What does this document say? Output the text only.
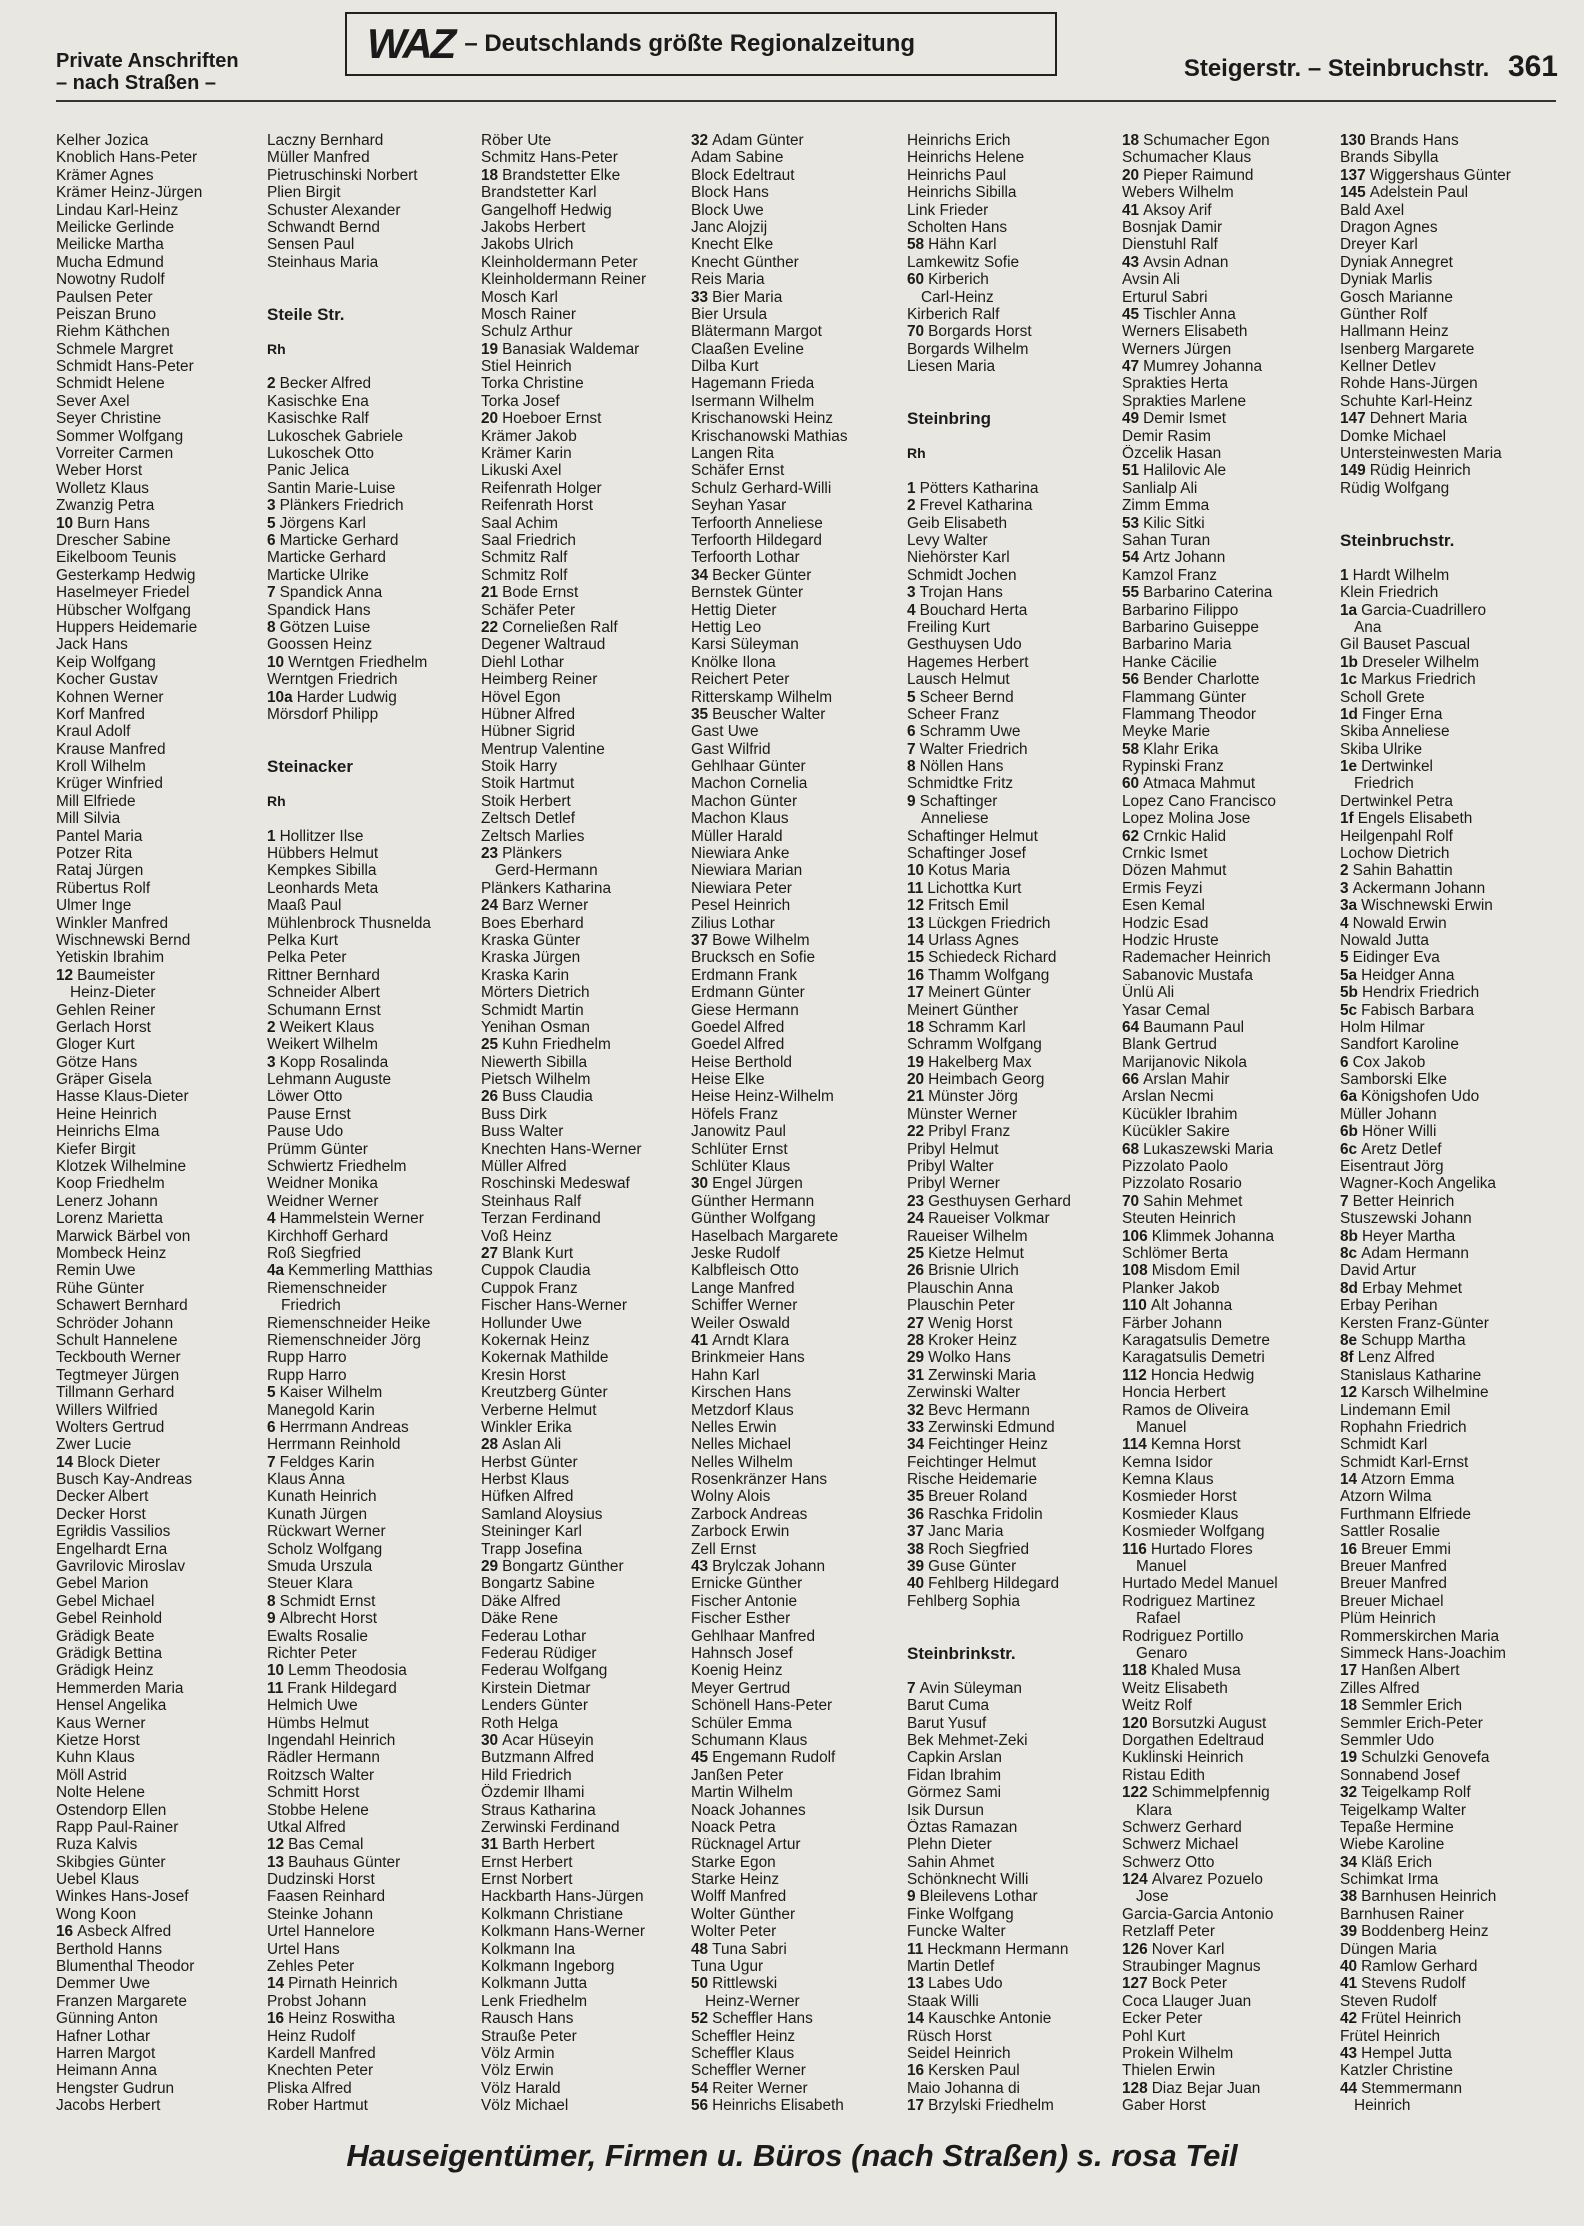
Private Anschriften
– nach Straßen –
WAZ – Deutschlands größte Regionalzeitung
Steigerstr. – Steinbruchstr. 361
Kelher Jozica
Knoblich Hans-Peter
Krämer Agnes
Krämer Heinz-Jürgen
Lindau Karl-Heinz
Meilicke Gerlinde
Meilicke Martha
Mucha Edmund
Nowotny Rudolf
Paulsen Peter
Peiszan Bruno
Riehm Käthchen
Schmele Margret
Schmidt Hans-Peter
Schmidt Helene
Sever Axel
Seyer Christine
Sommer Wolfgang
Vorreiter Carmen
Weber Horst
Wolletz Klaus
Zwanzig Petra
10 Burn Hans
Drescher Sabine
Eikelboom Teunis
Gesterkamp Hedwig
Haselmeyer Friedel
Hübscher Wolfgang
Huppers Heidemarie
Jack Hans
Keip Wolfgang
Kocher Gustav
Kohnen Werner
Korf Manfred
Kraul Adolf
Krause Manfred
Kroll Wilhelm
Krüger Winfried
Mill Elfriede
Mill Silvia
Pantel Maria
Potzer Rita
Rataj Jürgen
Rübertus Rolf
Ulmer Inge
Winkler Manfred
Wischnewski Bernd
Yetiskin Ibrahim
12 Baumeister
Heinz-Dieter
Gehlen Reiner
Gerlach Horst
Gloger Kurt
Götze Hans
Gräper Gisela
Hasse Klaus-Dieter
Heine Heinrich
Heinrichs Elma
Kiefer Birgit
Klotzek Wilhelmine
Koop Friedhelm
Lenerz Johann
Lorenz Marietta
Marwick Bärbel von
Mombeck Heinz
Remin Uwe
Rühe Günter
Schawert Bernhard
Schröder Johann
Schult Hannelene
Teckbouth Werner
Tegtmeyer Jürgen
Tillmann Gerhard
Willers Wilfried
Wolters Gertrud
Zwer Lucie
14 Block Dieter
Busch Kay-Andreas
Decker Albert
Decker Horst
Egriłdis Vassilios
Engelhardt Erna
Gavrilovic Miroslav
Gebel Marion
Gebel Michael
Gebel Reinhold
Grädigk Beate
Grädigk Bettina
Grädigk Heinz
Hemmerden Maria
Hensel Angelika
Kaus Werner
Kietze Horst
Kuhn Klaus
Möll Astrid
Nolte Helene
Ostendorp Ellen
Rapp Paul-Rainer
Ruza Kalvis
Skibgies Günter
Uebel Klaus
Winkes Hans-Josef
Wong Koon
16 Asbeck Alfred
Berthold Hanns
Blumenthal Theodor
Demmer Uwe
Franzen Margarete
Günning Anton
Hafner Lothar
Harren Margot
Heimann Anna
Hengster Gudrun
Jacobs Herbert
Laczny Bernhard
Müller Manfred
Pietruschinski Norbert
Plien Birgit
Schuster Alexander
Schwandt Bernd
Sensen Paul
Steinhaus Maria
Steile Str.
Rh
2 Becker Alfred
Kasischke Ena
Kasischke Ralf
Lukoschek Gabriele
Lukoschek Otto
Panic Jelica
Santin Marie-Luise
3 Plänkers Friedrich
5 Jörgens Karl
6 Marticke Gerhard
Marticke Gerhard
Marticke Ulrike
7 Spandick Anna
Spandick Hans
8 Götzen Luise
Goossen Heinz
10 Werntgen Friedhelm
Werntgen Friedrich
10a Harder Ludwig
Mörsdorf Philipp
Steinacker
Rh
1 Hollitzer Ilse
Hübbers Helmut
Kempkes Sibilla
Leonhards Meta
Maaß Paul
Mühlenbrock Thusnelda
Pelka Kurt
Pelka Peter
Rittner Bernhard
Schneider Albert
Schumann Ernst
2 Weikert Klaus
Weikert Wilhelm
3 Kopp Rosalinda
Lehmann Auguste
Löwer Otto
Pause Ernst
Pause Udo
Prümm Günter
Schwiertz Friedhelm
Weidner Monika
Weidner Werner
4 Hammelstein Werner
Kirchhoff Gerhard
Roß Siegfried
4a Kemmerling Matthias
Riemenschneider
Friedrich
Riemenschneider Heike
Riemenschneider Jörg
Rupp Harro
Rupp Harro
5 Kaiser Wilhelm
Manegold Karin
6 Herrmann Andreas
Herrmann Reinhold
7 Feldges Karin
Klaus Anna
Kunath Heinrich
Kunath Jürgen
Rückwart Werner
Scholz Wolfgang
Smuda Urszula
Steuer Klara
8 Schmidt Ernst
9 Albrecht Horst
Ewalts Rosalie
Richter Peter
10 Lemm Theodosia
11 Frank Hildegard
Helmich Uwe
Hümbs Helmut
Ingendahl Heinrich
Rädler Hermann
Roitzsch Walter
Schmitt Horst
Stobbe Helene
Utkal Alfred
12 Bas Cemal
13 Bauhaus Günter
Dudzinski Horst
Faasen Reinhard
Steinke Johann
Urtel Hannelore
Urtel Hans
Zehles Peter
14 Pirnath Heinrich
Probst Johann
16 Heinz Roswitha
Heinz Rudolf
Kardell Manfred
Knechten Peter
Pliska Alfred
Rober Hartmut
Röber Ute
Schmitz Hans-Peter
18 Brandstetter Elke
Brandstetter Karl
Gangelhoff Hedwig
Jakobs Herbert
Jakobs Ulrich
Kleinholdermann Peter
Kleinholdermann Reiner
Mosch Karl
Mosch Rainer
Schulz Arthur
19 Banasiak Waldemar
Stiel Heinrich
Torka Christine
Torka Josef
20 Hoeboer Ernst
Krämer Jakob
Krämer Karin
Likuski Axel
Reifenrath Holger
Reifenrath Horst
Saal Achim
Saal Friedrich
Schmitz Ralf
Schmitz Rolf
21 Bode Ernst
Schäfer Peter
22 Corneließen Ralf
Degener Waltraud
Diehl Lothar
Heimberg Reiner
Hövel Egon
Hübner Alfred
Hübner Sigrid
Mentrup Valentine
Stoik Harry
Stoik Hartmut
Stoik Herbert
Zeltsch Detlef
Zeltsch Marlies
23 Plänkers
Gerd-Hermann
Plänkers Katharina
24 Barz Werner
Boes Eberhard
Kraska Günter
Kraska Jürgen
Kraska Karin
Mörters Dietrich
Schmidt Martin
Yenihan Osman
25 Kuhn Friedhelm
Niewerth Sibilla
Pietsch Wilhelm
26 Buss Claudia
Buss Dirk
Buss Walter
Knechten Hans-Werner
Müller Alfred
Roschinski Medeswaf
Steinhaus Ralf
Terzan Ferdinand
Voß Heinz
27 Blank Kurt
Cuppok Claudia
Cuppok Franz
Fischer Hans-Werner
Hollunder Uwe
Kokernak Heinz
Kokernak Mathilde
Kresin Horst
Kreutzberg Günter
Verberne Helmut
Winkler Erika
28 Aslan Ali
Herbst Günter
Herbst Klaus
Hüfken Alfred
Samland Aloysius
Steininger Karl
Trapp Josefina
29 Bongartz Günther
Bongartz Sabine
Däke Alfred
Däke Rene
Federau Lothar
Federau Rüdiger
Federau Wolfgang
Kirstein Dietmar
Lenders Günter
Roth Helga
30 Acar Hüseyin
Butzmann Alfred
Hild Friedrich
Özdemir Ilhami
Straus Katharina
Zerwinski Ferdinand
31 Barth Herbert
Ernst Herbert
Ernst Norbert
Hackbarth Hans-Jürgen
Kolkmann Christiane
Kolkmann Hans-Werner
Kolkmann Ina
Kolkmann Ingeborg
Kolkmann Jutta
Lenk Friedhelm
Rausch Hans
Strauße Peter
Völz Armin
Völz Erwin
Völz Harald
Völz Michael
32 Adam Günter
Adam Sabine
Block Edeltraut
Block Hans
Block Uwe
Janc Alojzij
Knecht Elke
Knecht Günther
Reis Maria
33 Bier Maria
Bier Ursula
Blätermann Margot
Claaßen Eveline
Dilba Kurt
Hagemann Frieda
Isermann Wilhelm
Krischanowski Heinz
Krischanowski Mathias
Langen Rita
Schäfer Ernst
Schulz Gerhard-Willi
Seyhan Yasar
Terfoorth Anneliese
Terfoorth Hildegard
Terfoorth Lothar
34 Becker Günter
Bernstek Günter
Hettig Dieter
Hettig Leo
Karsi Süleyman
Knölke Ilona
Reichert Peter
Ritterskamp Wilhelm
35 Beuscher Walter
Gast Uwe
Gast Wilfrid
Gehlhaar Günter
Machon Cornelia
Machon Günter
Machon Klaus
Müller Harald
Niewiara Anke
Niewiara Marian
Niewiara Peter
Pesel Heinrich
Zilius Lothar
37 Bowe Wilhelm
Brucksch en Sofie
Erdmann Frank
Erdmann Günter
Giese Hermann
Goedel Alfred
Goedel Alfred
Heise Berthold
Heise Elke
Heise Heinz-Wilhelm
Höfels Franz
Janowitz Paul
Schlüter Ernst
Schlüter Klaus
30 Engel Jürgen
Günther Hermann
Günther Wolfgang
Haselbach Margarete
Jeske Rudolf
Kalbfleisch Otto
Lange Manfred
Schiffer Werner
Weiler Oswald
41 Arndt Klara
Brinkmeier Hans
Hahn Karl
Kirschen Hans
Metzdorf Klaus
Nelles Erwin
Nelles Michael
Nelles Wilhelm
Rosenkränzer Hans
Wolny Alois
Zarbock Andreas
Zarbock Erwin
Zell Ernst
43 Brylczak Johann
Ernicke Günther
Fischer Antonie
Fischer Esther
Gehlhaar Manfred
Hahnsch Josef
Koenig Heinz
Meyer Gertrud
Schönell Hans-Peter
Schüler Emma
Schumann Klaus
45 Engemann Rudolf
Janßen Peter
Martin Wilhelm
Noack Johannes
Noack Petra
Rücknagel Artur
Starke Egon
Starke Heinz
Wolff Manfred
Wolter Günther
Wolter Peter
48 Tuna Sabri
Tuna Ugur
50 Rittlewski
Heinz-Werner
52 Scheffler Hans
Scheffler Heinz
Scheffler Klaus
Scheffler Werner
54 Reiter Werner
56 Heinrichs Elisabeth
Heinrichs Erich
Heinrichs Helene
Heinrichs Paul
Heinrichs Sibilla
Link Frieder
Scholten Hans
58 Hähn Karl
Lamkewitz Sofie
60 Kirberich
Carl-Heinz
Kirberich Ralf
70 Borgards Horst
Borgards Wilhelm
Liesen Maria
Steinbring
Rh
1 Pötters Katharina
2 Frevel Katharina
Geib Elisabeth
Levy Walter
Niehörster Karl
Schmidt Jochen
3 Trojan Hans
4 Bouchard Herta
Freiling Kurt
Gesthuysen Udo
Hagemes Herbert
Lausch Helmut
5 Scheer Bernd
Scheer Franz
6 Schramm Uwe
7 Walter Friedrich
8 Nöllen Hans
Schmidtke Fritz
9 Schaftinger
Anneliese
Schaftinger Helmut
Schaftinger Josef
10 Kotus Maria
11 Lichottka Kurt
12 Fritsch Emil
13 Lückgen Friedrich
14 Urlass Agnes
15 Schiedeck Richard
16 Thamm Wolfgang
17 Meinert Günter
Meinert Günther
18 Schramm Karl
Schramm Wolfgang
19 Hakelberg Max
20 Heimbach Georg
21 Münster Jörg
Münster Werner
22 Pribyl Franz
Pribyl Helmut
Pribyl Walter
Pribyl Werner
23 Gesthuysen Gerhard
24 Raueiser Volkmar
Raueiser Wilhelm
25 Kietze Helmut
26 Brisnie Ulrich
Plauschin Anna
Plauschin Peter
27 Wenig Horst
28 Kroker Heinz
29 Wolko Hans
31 Zerwinski Maria
Zerwinski Walter
32 Bevc Hermann
33 Zerwinski Edmund
34 Feichtinger Heinz
Feichtinger Helmut
Rische Heidemarie
35 Breuer Roland
36 Raschka Fridolin
37 Janc Maria
38 Roch Siegfried
39 Guse Günter
40 Fehlberg Hildegard
Fehlberg Sophia
Steinbrinkstr.
7 Avin Süleyman
Barut Cuma
Barut Yusuf
Bek Mehmet-Zeki
Capkin Arslan
Fidan Ibrahim
Görmez Sami
Isik Dursun
Öztas Ramazan
Plehn Dieter
Sahin Ahmet
Schönknecht Willi
9 Bleilevens Lothar
Finke Wolfgang
Funcke Walter
11 Heckmann Hermann
Martin Detlef
13 Labes Udo
Staak Willi
14 Kauschke Antonie
Rüsch Horst
Seidel Heinrich
16 Kersken Paul
Maio Johanna di
17 Brzylski Friedhelm
18 Schumacher Egon
Schumacher Klaus
20 Pieper Raimund
Webers Wilhelm
41 Aksoy Arif
Bosnjak Damir
Dienstuhl Ralf
43 Avsin Adnan
Avsin Ali
Erturul Sabri
45 Tischler Anna
Werners Elisabeth
Werners Jürgen
47 Mumrey Johanna
Sprakties Herta
Sprakties Marlene
49 Demir Ismet
Demir Rasim
Özcelik Hasan
51 Halilovic Ale
Sanlialp Ali
Zimm Emma
53 Kilic Sitki
Sahan Turan
54 Artz Johann
Kamzol Franz
55 Barbarino Caterina
Barbarino Filippo
Barbarino Guiseppe
Barbarino Maria
Hanke Cäcilie
56 Bender Charlotte
Flammang Günter
Flammang Theodor
Meyke Marie
58 Klahr Erika
Rypinski Franz
60 Atmaca Mahmut
Lopez Cano Francisco
Lopez Molina Jose
62 Crnkic Halid
Crnkic Ismet
Dözen Mahmut
Ermis Feyzi
Esen Kemal
Hodzic Esad
Hodzic Hruste
Rademacher Heinrich
Sabanovic Mustafa
Ünlü Ali
Yasar Cemal
64 Baumann Paul
Blank Gertrud
Marijanovic Nikola
66 Arslan Mahir
Arslan Necmi
Kücükler Ibrahim
Kücükler Sakire
68 Lukaszewski Maria
Pizzolato Paolo
Pizzolato Rosario
70 Sahin Mehmet
Steuten Heinrich
106 Klimmek Johanna
Schlömer Berta
108 Misdom Emil
Planker Jakob
110 Alt Johanna
Färber Johann
Karagatsulis Demetre
Karagatsulis Demetri
112 Honcia Hedwig
Honcia Herbert
Ramos de Oliveira
Manuel
114 Kemna Horst
Kemna Isidor
Kemna Klaus
Kosmieder Horst
Kosmieder Klaus
Kosmieder Wolfgang
116 Hurtado Flores
Manuel
Hurtado Medel Manuel
Rodriguez Martinez
Rafael
Rodriguez Portillo
Genaro
118 Khaled Musa
Weitz Elisabeth
Weitz Rolf
120 Borsutzki August
Dorgathen Edeltraud
Kuklinski Heinrich
Ristau Edith
122 Schimmelpfennig
Klara
Schwerz Gerhard
Schwerz Michael
Schwerz Otto
124 Alvarez Pozuelo
Jose
Garcia-Garcia Antonio
Retzlaff Peter
126 Nover Karl
Straubinger Magnus
127 Bock Peter
Coca Llauger Juan
Ecker Peter
Pohl Kurt
Prokein Wilhelm
Thielen Erwin
128 Diaz Bejar Juan
Gaber Horst
130 Brands Hans
Brands Sibylla
137 Wiggershaus Günter
145 Adelstein Paul
Bald Axel
Dragon Agnes
Dreyer Karl
Dyniak Annegret
Dyniak Marlis
Gosch Marianne
Günther Rolf
Hallmann Heinz
Isenberg Margarete
Kellner Detlev
Rohde Hans-Jürgen
Schuhte Karl-Heinz
147 Dehnert Maria
Domke Michael
Untersteinwesten Maria
149 Rüdig Heinrich
Rüdig Wolfgang
Steinbruchstr.
1 Hardt Wilhelm
Klein Friedrich
1a Garcia-Cuadrillero
Ana
Gil Bauset Pascual
1b Dreseler Wilhelm
1c Markus Friedrich
Scholl Grete
1d Finger Erna
Skiba Anneliese
Skiba Ulrike
1e Dertwinkel
Friedrich
Dertwinkel Petra
1f Engels Elisabeth
Heilgenpahl Rolf
Lochow Dietrich
2 Sahin Bahattin
3 Ackermann Johann
3a Wischnewski Erwin
4 Nowald Erwin
Nowald Jutta
5 Eidinger Eva
5a Heidger Anna
5b Hendrix Friedrich
5c Fabisch Barbara
Holm Hilmar
Sandfort Karoline
6 Cox Jakob
Samborski Elke
6a Königshofen Udo
Müller Johann
6b Höner Willi
6c Aretz Detlef
Eisentraut Jörg
Wagner-Koch Angelika
7 Better Heinrich
Stuszewski Johann
8b Heyer Martha
8c Adam Hermann
David Artur
8d Erbay Mehmet
Erbay Perihan
Kersten Franz-Günter
8e Schupp Martha
8f Lenz Alfred
Stanislaus Katharine
12 Karsch Wilhelmine
Lindemann Emil
Rophahn Friedrich
Schmidt Karl
Schmidt Karl-Ernst
14 Atzorn Emma
Atzorn Wilma
Furthmann Elfriede
Sattler Rosalie
16 Breuer Emmi
Breuer Manfred
Breuer Manfred
Breuer Michael
Plüm Heinrich
Rommerskirchen Maria
Simmeck Hans-Joachim
17 Hanßen Albert
Zilles Alfred
18 Semmler Erich
Semmler Erich-Peter
Semmler Udo
19 Schulzki Genovefa
Sonnabend Josef
32 Teigelkamp Rolf
Teigelkamp Walter
Tepaße Hermine
Wiebe Karoline
34 Kläß Erich
Schimkat Irma
38 Barnhusen Heinrich
Barnhusen Rainer
39 Boddenberg Heinz
Düngen Maria
40 Ramlow Gerhard
41 Stevens Rudolf
Steven Rudolf
42 Frütel Heinrich
Frütel Heinrich
43 Hempel Jutta
Katzler Christine
44 Stemmermann
Heinrich
Hauseigentümer, Firmen u. Büros (nach Straßen) s. rosa Teil
